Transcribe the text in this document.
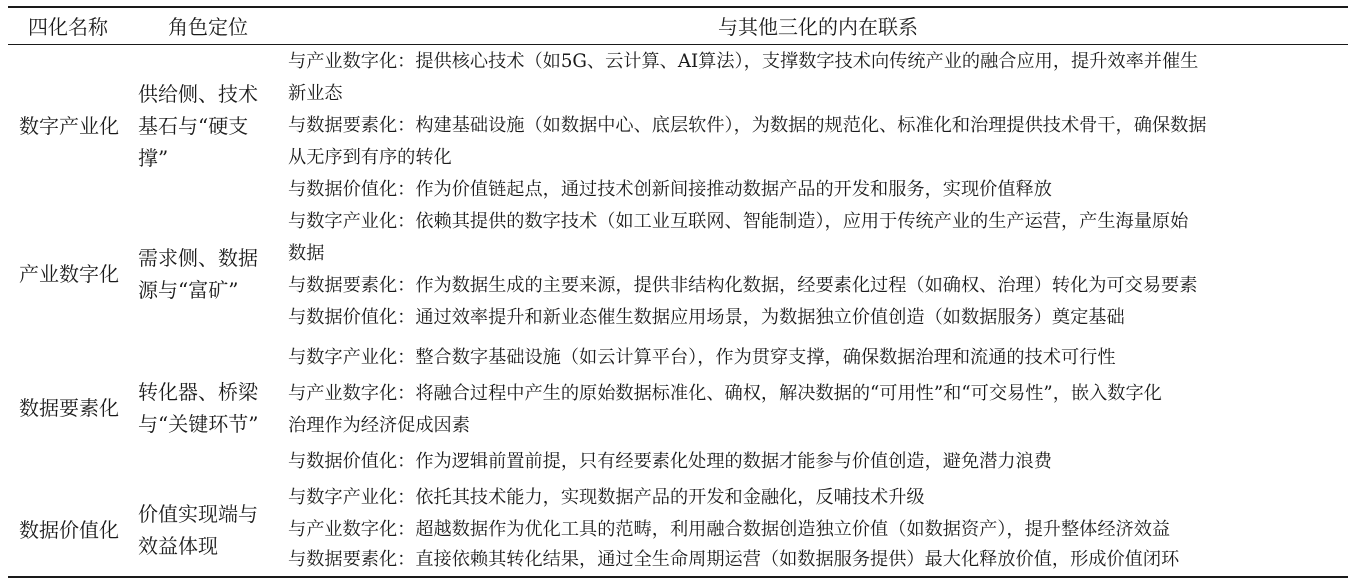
四化名称	角色定位	与其他三化的内在联系
数字产业化
供给侧、技术
基石与“硬支
撑”
与产业数字化：提供核心技术（如5G、云计算、AI算法），支撑数字技术向传统产业的融合应用，提升效率并催生
新业态
与数据要素化：构建基础设施（如数据中心、底层软件），为数据的规范化、标准化和治理提供技术骨干，确保数据
从无序到有序的转化
与数据价值化：作为价值链起点，通过技术创新间接推动数据产品的开发和服务，实现价值释放
产业数字化
需求侧、数据
源与“富矿”
与数字产业化：依赖其提供的数字技术（如工业互联网、智能制造），应用于传统产业的生产运营，产生海量原始
数据
与数据要素化：作为数据生成的主要来源，提供非结构化数据，经要素化过程（如确权、治理）转化为可交易要素
与数据价值化：通过效率提升和新业态催生数据应用场景，为数据独立价值创造（如数据服务）奠定基础
数据要素化
转化器、桥梁
与“关键环节”
与数字产业化：整合数字基础设施（如云计算平台），作为贯穿支撑，确保数据治理和流通的技术可行性
与产业数字化：将融合过程中产生的原始数据标准化、确权，解决数据的“可用性”和“可交易性”，嵌入数字化
治理作为经济促成因素
与数据价值化：作为逻辑前置前提，只有经要素化处理的数据才能参与价值创造，避免潜力浪费
数据价值化
价值实现端与
效益体现
与数字产业化：依托其技术能力，实现数据产品的开发和金融化，反哺技术升级
与产业数字化：超越数据作为优化工具的范畴，利用融合数据创造独立价值（如数据资产），提升整体经济效益
与数据要素化：直接依赖其转化结果，通过全生命周期运营（如数据服务提供）最大化释放价值，形成价值闭环
